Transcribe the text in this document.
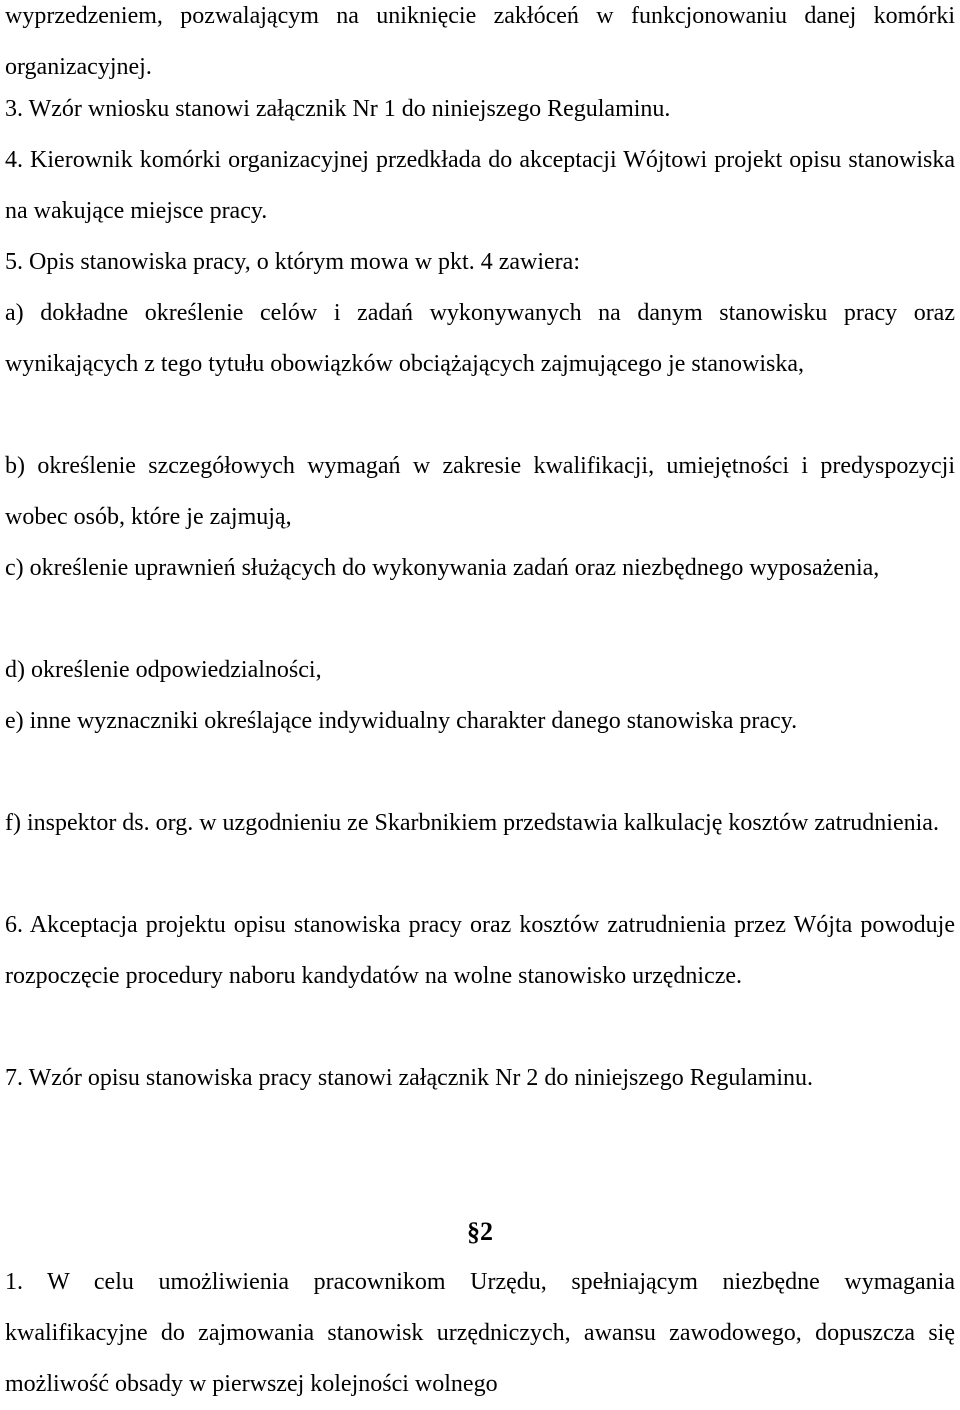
wyprzedzeniem, pozwalającym na uniknięcie zakłóceń w funkcjonowaniu danej komórki organizacyjnej.

3. Wzór wniosku stanowi załącznik Nr 1 do niniejszego Regulaminu.

4. Kierownik komórki organizacyjnej przedkłada do akceptacji Wójtowi projekt opisu stanowiska na wakujące miejsce pracy.

5. Opis stanowiska pracy, o którym mowa w pkt. 4 zawiera:

a) dokładne określenie celów i zadań wykonywanych na danym stanowisku pracy oraz wynikających z tego tytułu obowiązków obciążających zajmującego je stanowiska,

b) określenie szczegółowych wymagań w zakresie kwalifikacji, umiejętności i predyspozycji wobec osób, które je zajmują,

c) określenie uprawnień służących do wykonywania zadań oraz niezbędnego wyposażenia,

d) określenie odpowiedzialności,

e) inne wyznaczniki określające indywidualny charakter danego stanowiska pracy.

f) inspektor ds. org. w uzgodnieniu ze Skarbnikiem przedstawia kalkulację kosztów zatrudnienia.

6. Akceptacja projektu opisu stanowiska pracy oraz kosztów zatrudnienia przez Wójta powoduje rozpoczęcie procedury naboru kandydatów na wolne stanowisko urzędnicze.

7. Wzór opisu stanowiska pracy stanowi załącznik Nr 2 do niniejszego Regulaminu.

§2

1. W celu umożliwienia pracownikom Urzędu, spełniającym niezbędne wymagania kwalifikacyjne do zajmowania stanowisk urzędniczych, awansu zawodowego, dopuszcza się możliwość obsady w pierwszej kolejności wolnego
